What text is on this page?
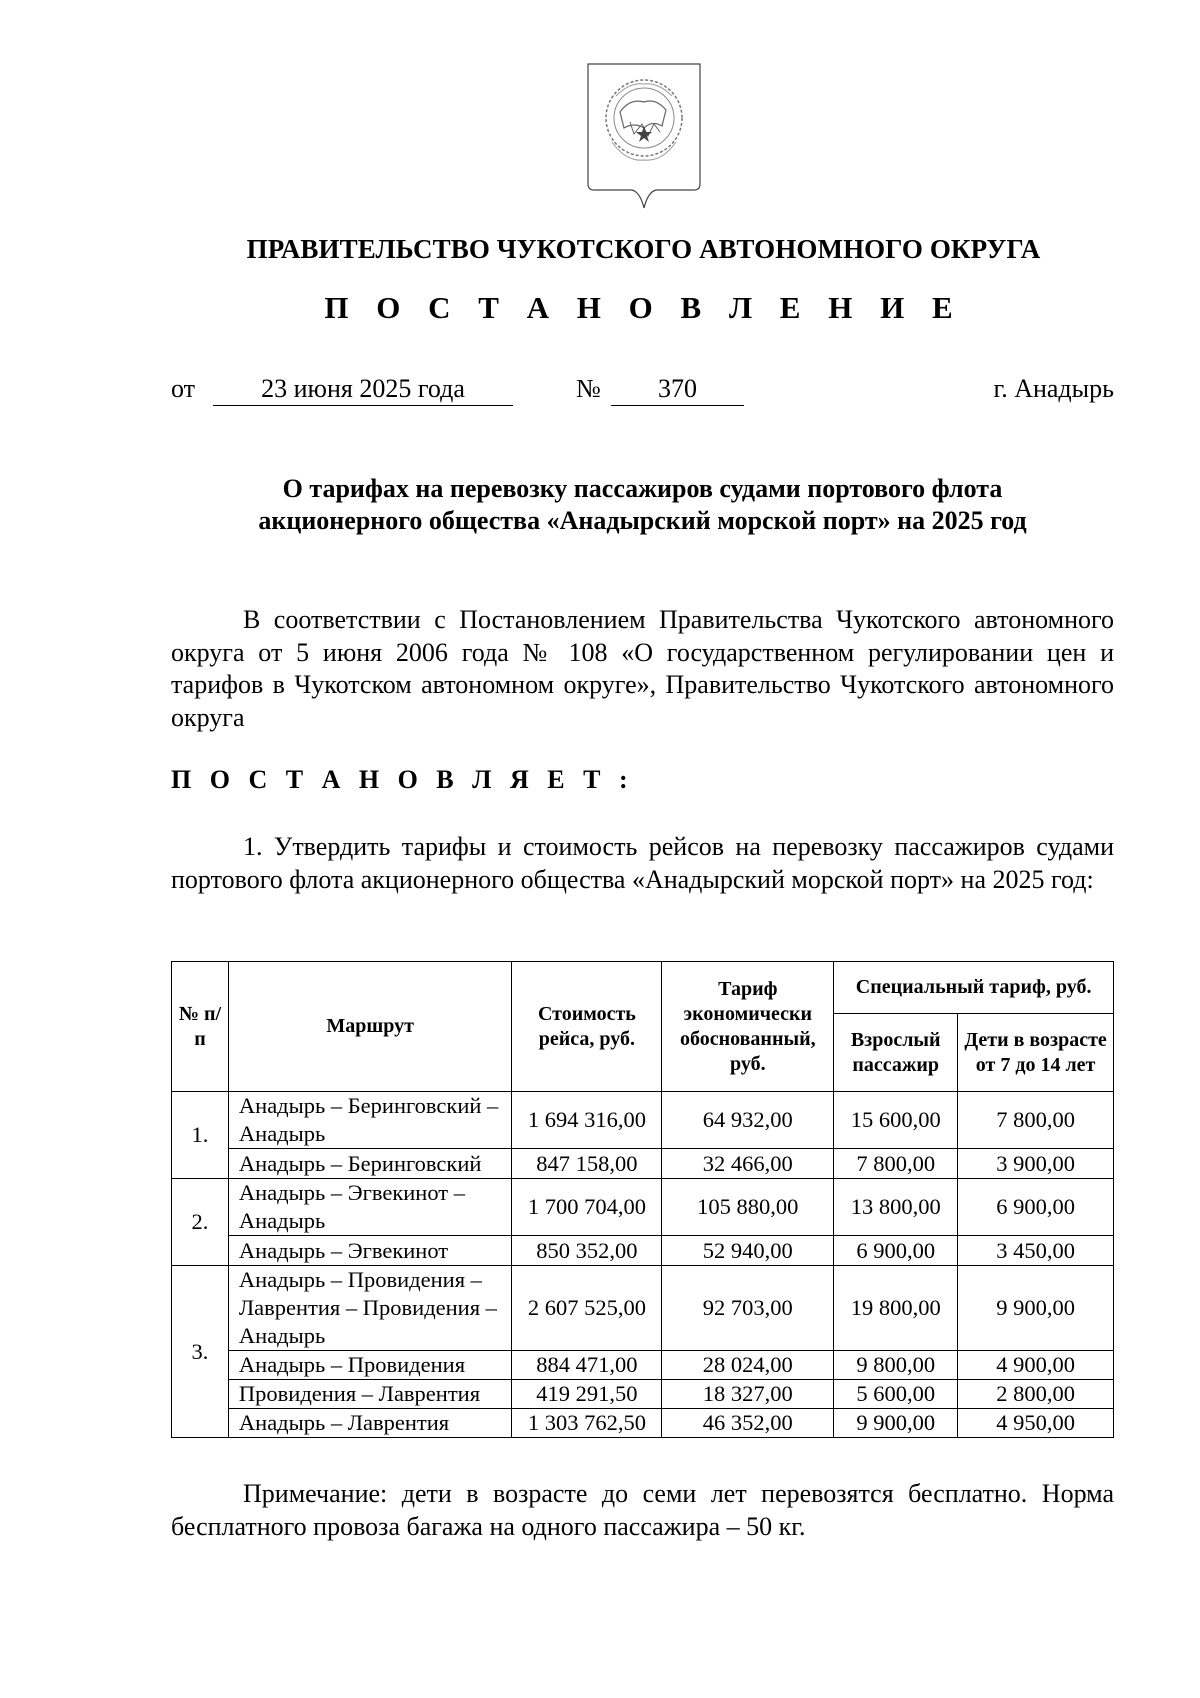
ПРАВИТЕЛЬСТВО ЧУКОТСКОГО АВТОНОМНОГО ОКРУГА
П О С Т А Н О В Л Е Н И Е
от	23 июня 2025 года	№	370	г. Анадырь
О тарифах на перевозку пассажиров судами портового флота
акционерного общества «Анадырский морской порт» на 2025 год
В соответствии с Постановлением Правительства Чукотского автономного округа от 5 июня 2006 года № 108 «О государственном регулировании цен и тарифов в Чукотском автономном округе», Правительство Чукотского автономного округа
П О С Т А Н О В Л Я Е Т :
1. Утвердить тарифы и стоимость рейсов на перевозку пассажиров судами портового флота акционерного общества «Анадырский морской порт» на 2025 год:
№ п/п	Маршрут	Стоимость рейса, руб.	Тариф экономически обоснованный, руб.	Специальный тариф, руб.	
				Взрослый пассажир	Дети в возрасте от 7 до 14 лет
1.	Анадырь – Беринговский – Анадырь	1 694 316,00	64 932,00	15 600,00	7 800,00
	Анадырь – Беринговский	847 158,00	32 466,00	7 800,00	3 900,00
2.	Анадырь – Эгвекинот – Анадырь	1 700 704,00	105 880,00	13 800,00	6 900,00
	Анадырь – Эгвекинот	850 352,00	52 940,00	6 900,00	3 450,00
3.	Анадырь – Провидения – Лаврентия – Провидения – Анадырь	2 607 525,00	92 703,00	19 800,00	9 900,00
	Анадырь – Провидения	884 471,00	28 024,00	9 800,00	4 900,00
	Провидения – Лаврентия	419 291,50	18 327,00	5 600,00	2 800,00
	Анадырь – Лаврентия	1 303 762,50	46 352,00	9 900,00	4 950,00
Примечание: дети в возрасте до семи лет перевозятся бесплатно. Норма бесплатного провоза багажа на одного пассажира – 50 кг.
